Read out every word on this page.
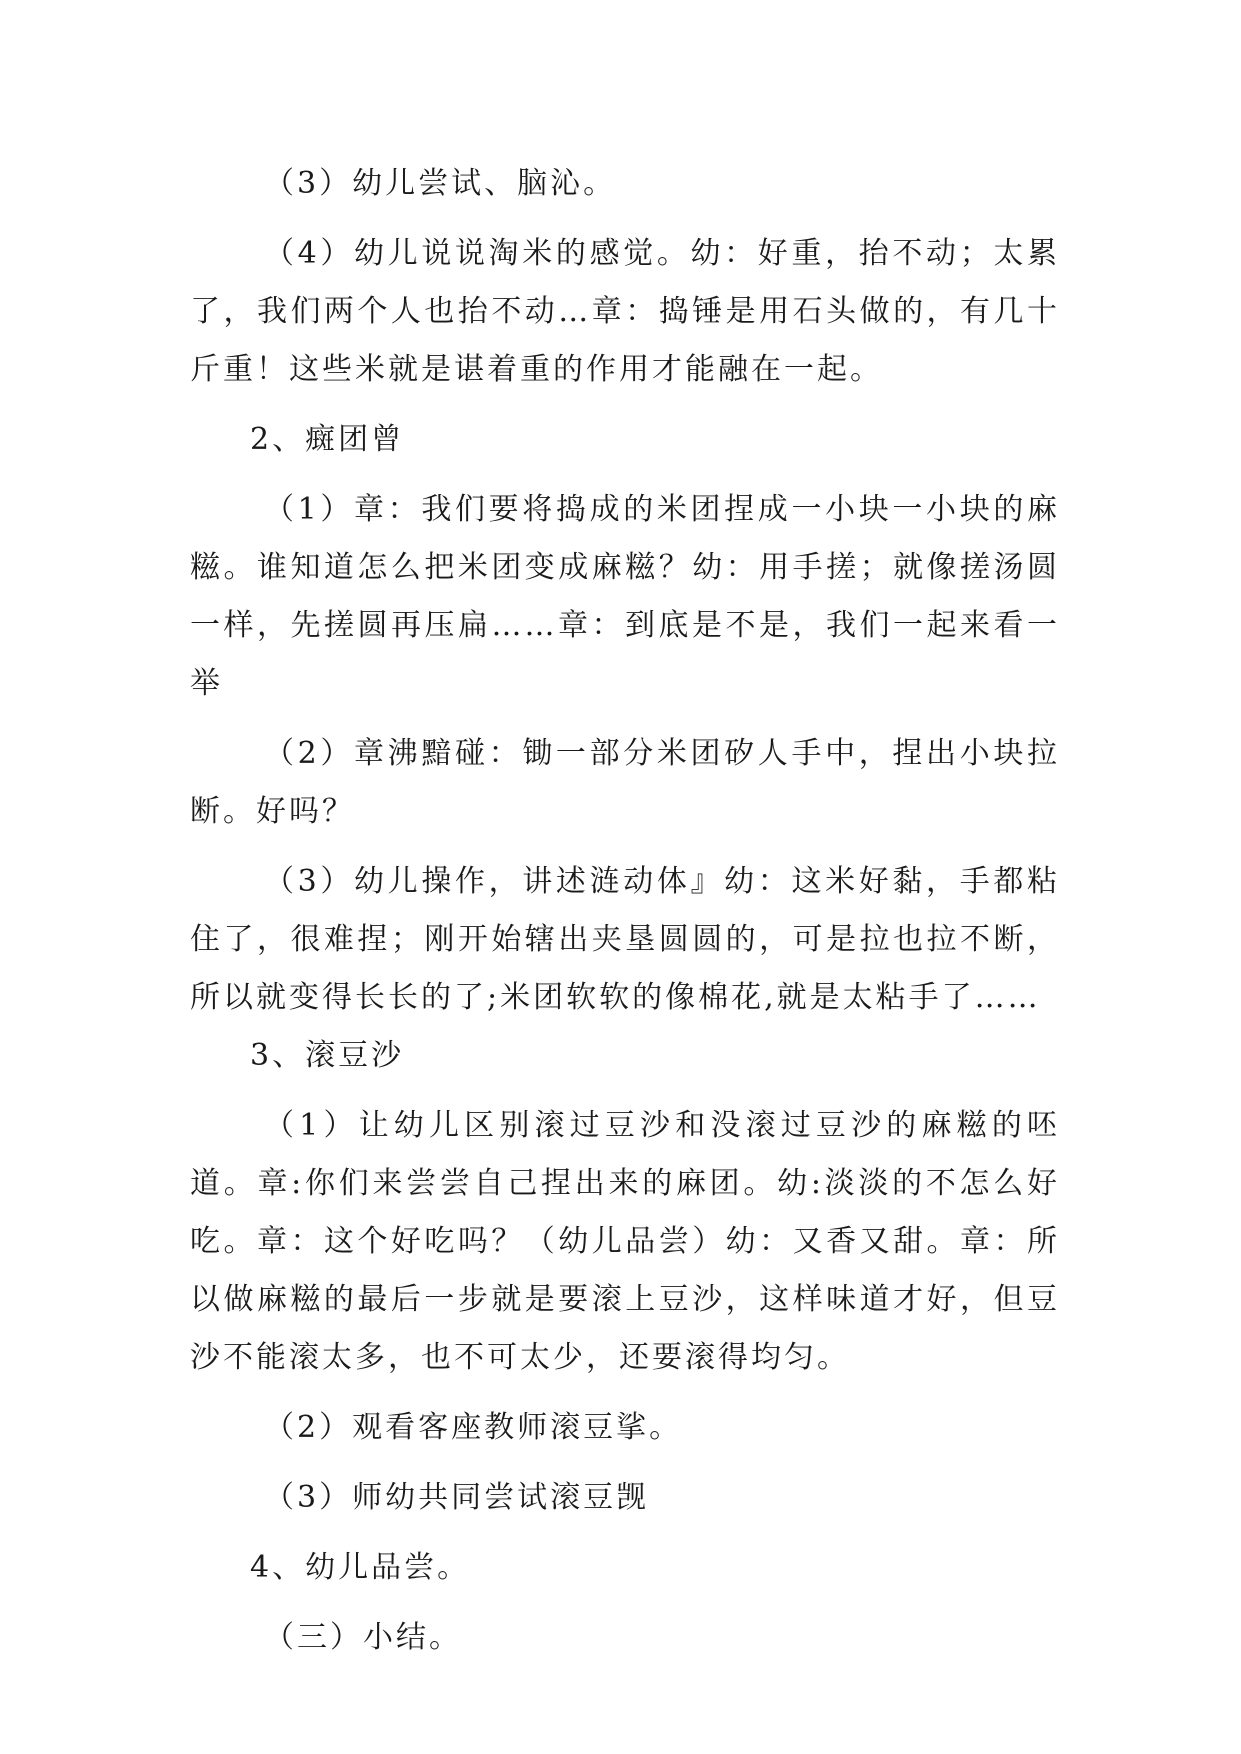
（3）幼儿尝试、脑沁。

（4）幼儿说说淘米的感觉。幼：好重，抬不动；太累了，我们两个人也抬不动…章：捣锤是用石头做的，有几十斤重！这些米就是谌着重的作用才能融在一起。

2、癍团曾

（1）章：我们要将捣成的米团捏成一小块一小块的麻糍。谁知道怎么把米团变成麻糍？幼：用手搓；就像搓汤圆一样，先搓圆再压扁……章：到底是不是，我们一起来看一举

（2）章沸黯碰：锄一部分米团矽人手中，捏出小块拉断。好吗？

（3）幼儿操作，讲述涟动体』幼：这米好黏，手都粘住了，很难捏；刚开始辖出夹垦圆圆的，可是拉也拉不断，所以就变得长长的了;米团软软的像棉花,就是太粘手了……

3、滚豆沙

（1）让幼儿区别滚过豆沙和没滚过豆沙的麻糍的呸道。章:你们来尝尝自己捏出来的麻团。幼:淡淡的不怎么好吃。章：这个好吃吗？（幼儿品尝）幼：又香又甜。章：所以做麻糍的最后一步就是要滚上豆沙，这样味道才好，但豆沙不能滚太多，也不可太少，还要滚得均匀。

（2）观看客座教师滚豆挲。

（3）师幼共同尝试滚豆觊

4、幼儿品尝。

（三）小结。
